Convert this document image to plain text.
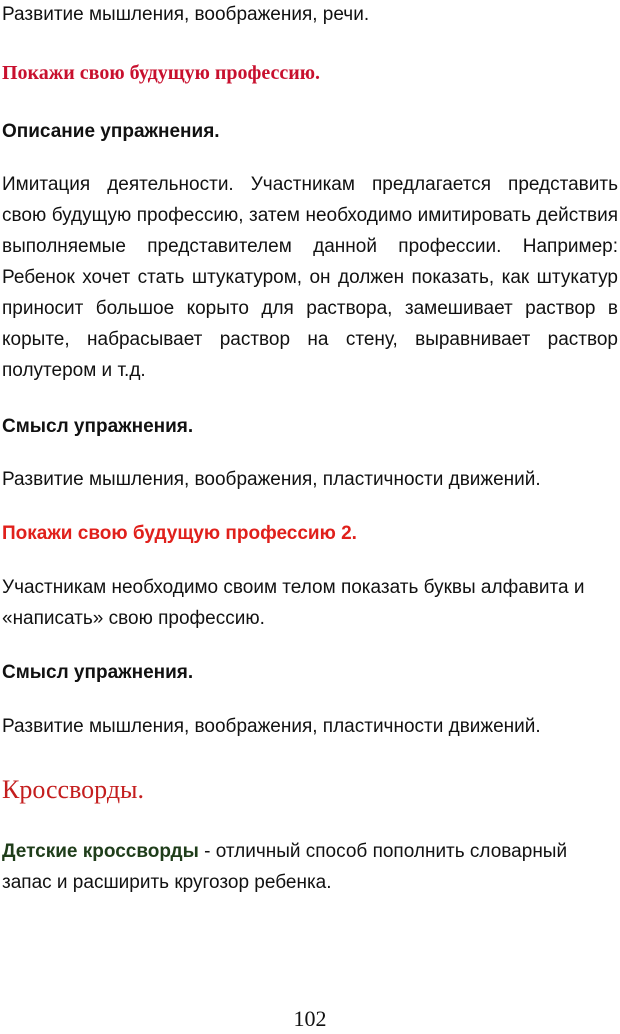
Развитие мышления, воображения, речи.

Покажи свою будущую профессию.

Описание упражнения.

Имитация деятельности. Участникам предлагается представить свою будущую профессию, затем необходимо имитировать действия выполняемые представителем данной профессии. Например: Ребенок хочет стать штукатуром, он должен показать, как штукатур приносит большое корыто для раствора, замешивает раствор в корыте, набрасывает раствор на стену, выравнивает раствор полутером и т.д.

Смысл упражнения.

Развитие мышления, воображения, пластичности движений.

Покажи свою будущую профессию 2.

Участникам необходимо своим телом показать буквы алфавита и «написать» свою профессию.

Смысл упражнения.

Развитие мышления, воображения, пластичности движений.

Кроссворды.

Детские кроссворды - отличный способ пополнить словарный запас и расширить кругозор ребенка.

102
